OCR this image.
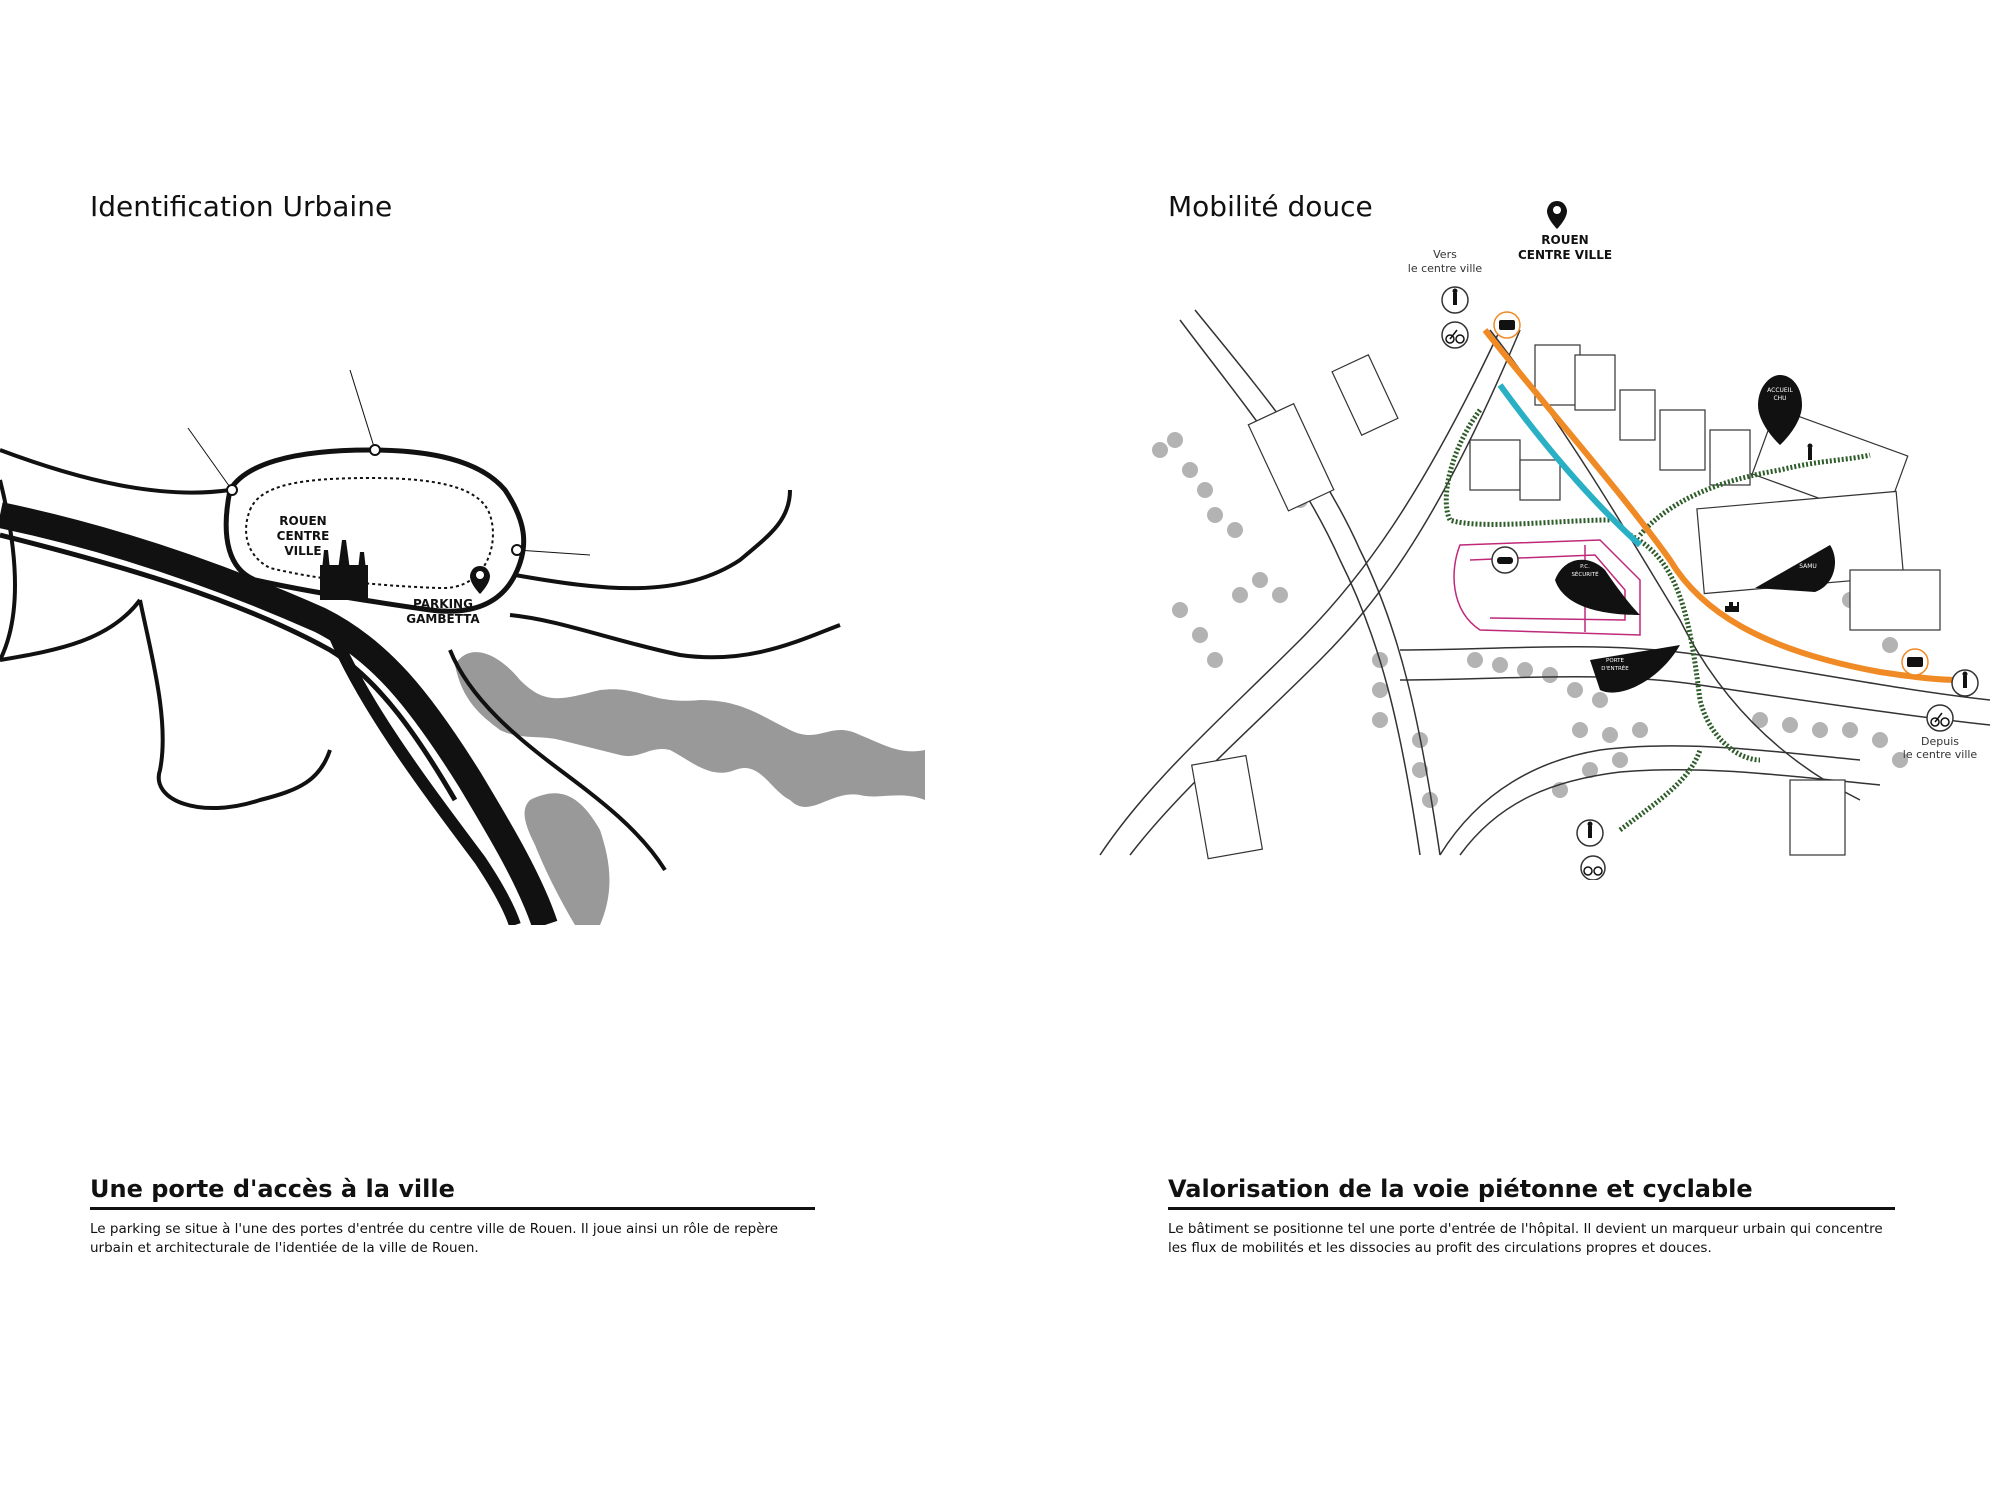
Identification Urbaine
ROUEN
CENTRE
VILLE
PARKING
GAMBETTA
Une porte d'accès à la ville

Le parking se situe à l'une des portes d'entrée du centre ville de Rouen. Il joue ainsi un rôle de repère
urbain et architecturale de l'identiée de la ville de Rouen.

Mobilité douce
ROUEN
CENTRE VILLE
Vers
le centre ville
Depuis
le centre ville
ACCUEIL
CHU
SAMU
P.C.
SÉCURITÉ
PORTE
D'ENTRÉE
Valorisation de la voie piétonne et cyclable

Le bâtiment se positionne tel une porte d'entrée de l'hôpital. Il devient un marqueur urbain qui concentre
les flux de mobilités et les dissocies au profit des circulations propres et douces.
